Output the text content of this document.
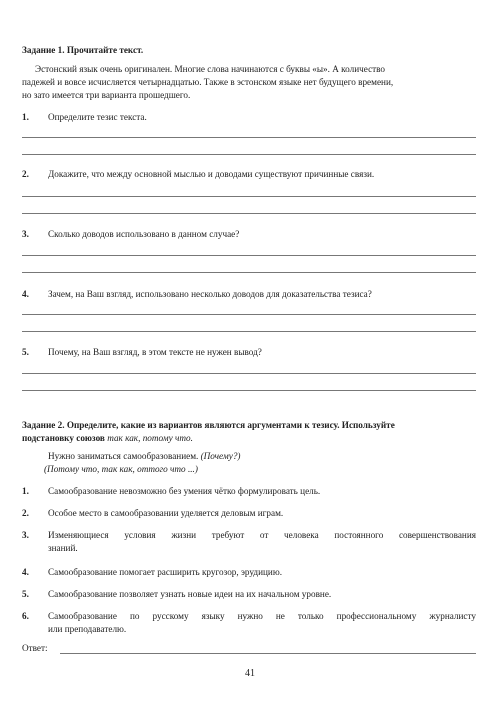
Задание 1. Прочитайте текст.
Эстонский язык очень оригинален. Многие слова начинаются с буквы «ы». А количество
падежей и вовсе исчисляется четырнадцатью. Также в эстонском языке нет будущего времени,
но зато имеется три варианта прошедшего.
1. Определите тезис текста.
2. Докажите, что между основной мыслью и доводами существуют причинные связи.
3. Сколько доводов использовано в данном случае?
4. Зачем, на Ваш взгляд, использовано несколько доводов для доказательства тезиса?
5. Почему, на Ваш взгляд, в этом тексте не нужен вывод?
Задание 2. Определите, какие из вариантов являются аргументами к тезису. Используйте
подстановку союзов так как, потому что.
Нужно заниматься самообразованием. (Почему?)
(Потому что, так как, оттого что ...)
1. Самообразование невозможно без умения чётко формулировать цель.
2. Особое место в самообразовании уделяется деловым играм.
3. Изменяющиеся условия жизни требуют от человека постоянного совершенствования
знаний.
4. Самообразование помогает расширить кругозор, эрудицию.
5. Самообразование позволяет узнать новые идеи на их начальном уровне.
6. Самообразование по русскому языку нужно не только профессиональному журналисту
или преподавателю.
Ответ:
41
